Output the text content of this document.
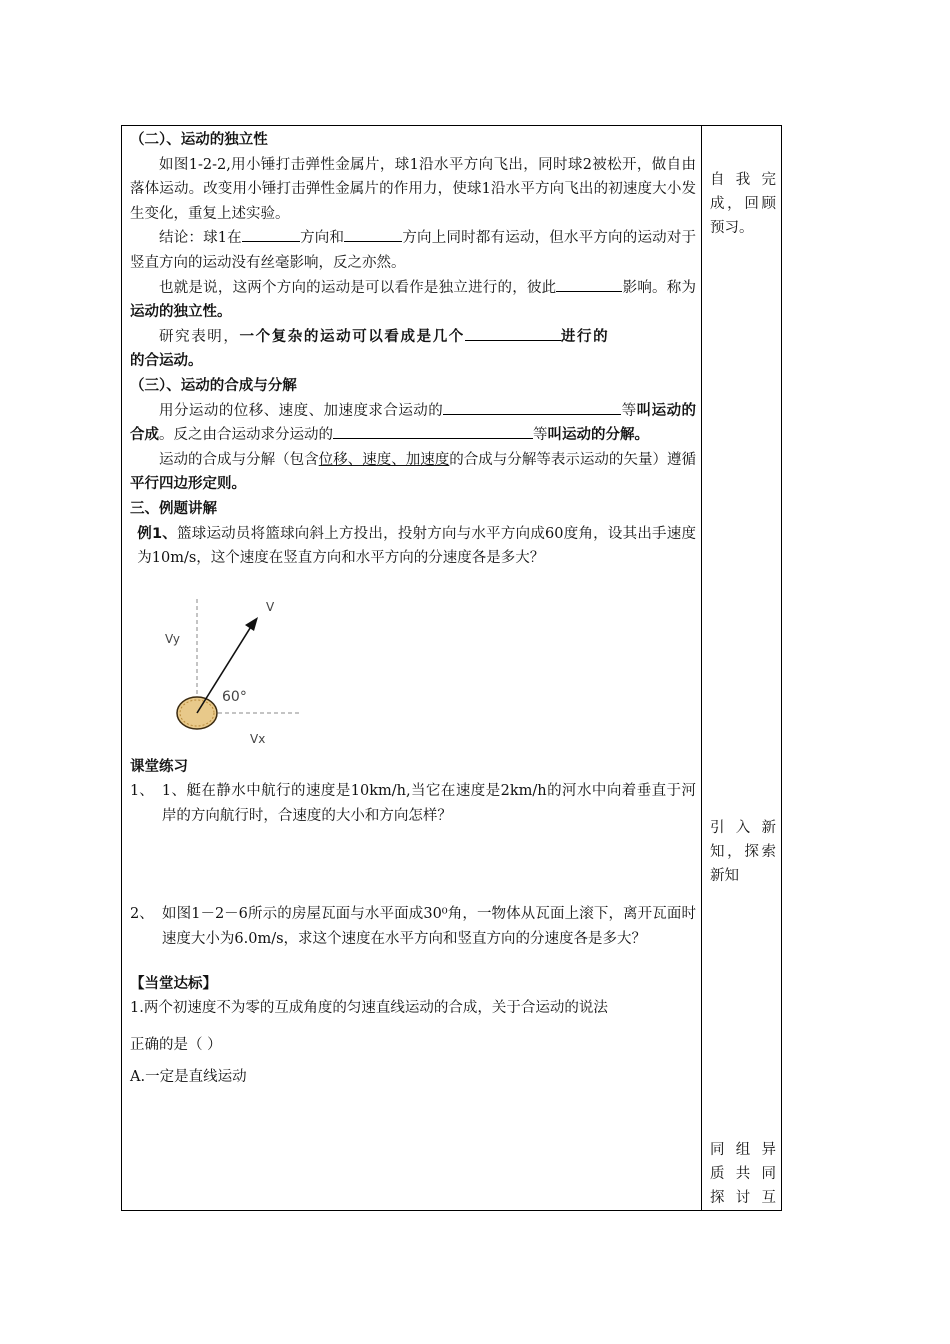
（二）、运动的独立性

如图1-2-2,用小锤打击弹性金属片，球1沿水平方向飞出，同时球2被松开，做自由落体运动。改变用小锤打击弹性金属片的作用力，使球1沿水平方向飞出的初速度大小发生变化，重复上述实验。

结论：球1在	方向和	方向上同时都有运动，但水平方向的运动对于竖直方向的运动没有丝毫影响，反之亦然。

也就是说，这两个方向的运动是可以看作是独立进行的，彼此	影响。称为运动的独立性。

研究表明，一个复杂的运动可以看成是几个	进行的

的合运动。

（三）、运动的合成与分解

用分运动的位移、速度、加速度求合运动的	等叫运动的合成。反之由合运动求分运动的	等叫运动的分解。

运动的合成与分解（包含位移、速度、加速度的合成与分解等表示运动的矢量）遵循平行四边形定则。

三、例题讲解

例1、篮球运动员将篮球向斜上方投出，投射方向与水平方向成60度角，设其出手速度为10m/s，这个速度在竖直方向和水平方向的分速度各是多大？

V
Vy
60°
Vx

课堂练习

1、 1、艇在静水中航行的速度是10km/h,当它在速度是2km/h的河水中向着垂直于河岸的方向航行时，合速度的大小和方向怎样？

2、 如图1－2－6所示的房屋瓦面与水平面成30⁰角，一物体从瓦面上滚下，离开瓦面时速度大小为6.0m/s，求这个速度在水平方向和竖直方向的分速度各是多大？

【当堂达标】

1.两个初速度不为零的互成角度的匀速直线运动的合成，关于合运动的说法

正确的是（ ）

A.一定是直线运动

自我完
成，回顾
预习。
引入新
知，探索
新知
同组异
质共同
探讨互
